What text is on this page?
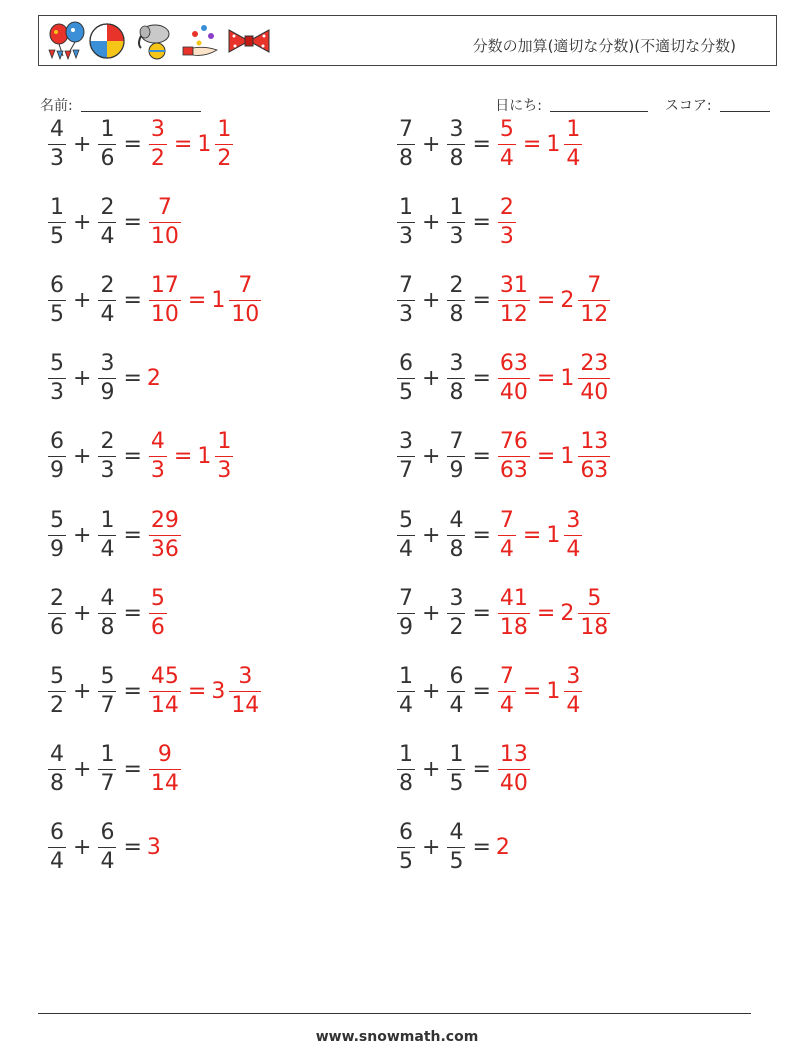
分数の加算(適切な分数)(不適切な分数)
名前:	日にち:	スコア:
$\frac{4}{3} + \frac{1}{6} = \frac{3}{2} = 1 \frac{1}{2}$	$\frac{7}{8} + \frac{3}{8} = \frac{5}{4} = 1 \frac{1}{4}$
$\frac{1}{5} + \frac{2}{4} = \frac{7}{10}$	$\frac{1}{3} + \frac{1}{3} = \frac{2}{3}$
$\frac{6}{5} + \frac{2}{4} = \frac{17}{10} = 1 \frac{7}{10}$	$\frac{7}{3} + \frac{2}{8} = \frac{31}{12} = 2 \frac{7}{12}$
$\frac{5}{3} + \frac{3}{9} = 2$	$\frac{6}{5} + \frac{3}{8} = \frac{63}{40} = 1 \frac{23}{40}$
$\frac{6}{9} + \frac{2}{3} = \frac{4}{3} = 1 \frac{1}{3}$	$\frac{3}{7} + \frac{7}{9} = \frac{76}{63} = 1 \frac{13}{63}$
$\frac{5}{9} + \frac{1}{4} = \frac{29}{36}$	$\frac{5}{4} + \frac{4}{8} = \frac{7}{4} = 1 \frac{3}{4}$
$\frac{2}{6} + \frac{4}{8} = \frac{5}{6}$	$\frac{7}{9} + \frac{3}{2} = \frac{41}{18} = 2 \frac{5}{18}$
$\frac{5}{2} + \frac{5}{7} = \frac{45}{14} = 3 \frac{3}{14}$	$\frac{1}{4} + \frac{6}{4} = \frac{7}{4} = 1 \frac{3}{4}$
$\frac{4}{8} + \frac{1}{7} = \frac{9}{14}$	$\frac{1}{8} + \frac{1}{5} = \frac{13}{40}$
$\frac{6}{4} + \frac{6}{4} = 3$	$\frac{6}{5} + \frac{4}{5} = 2$
www.snowmath.com
